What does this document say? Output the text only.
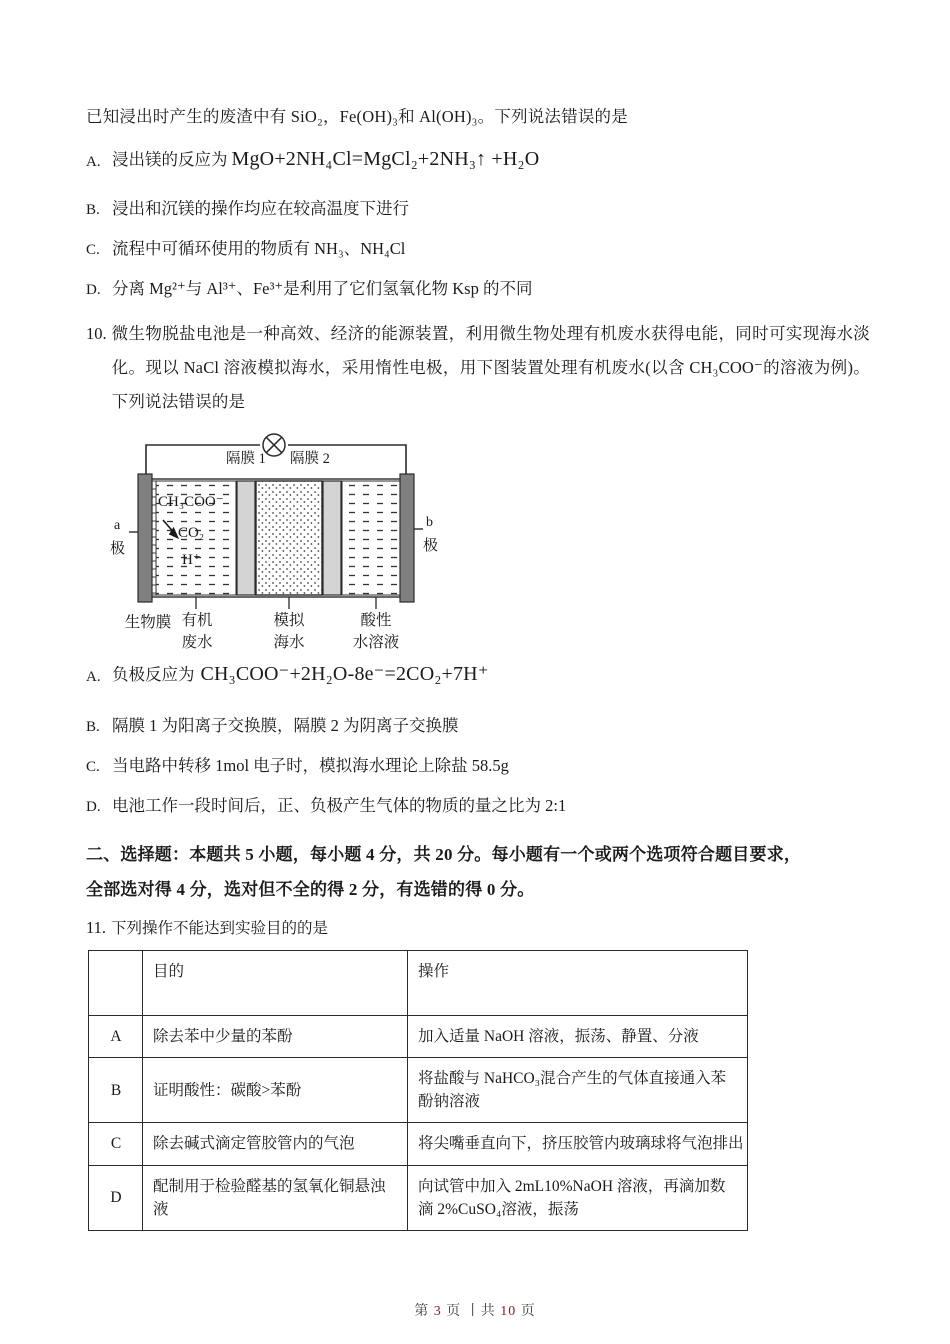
已知浸出时产生的废渣中有 SiO₂，Fe(OH)₃和 Al(OH)₃。下列说法错误的是
A. 浸出镁的反应为 MgO+2NH₄Cl=MgCl₂+2NH₃↑ +H₂O
B. 浸出和沉镁的操作均应在较高温度下进行
C. 流程中可循环使用的物质有 NH₃、NH₄Cl
D. 分离 Mg²⁺与 Al³⁺、Fe³⁺是利用了它们氢氧化物 Ksp 的不同
10. 微生物脱盐电池是一种高效、经济的能源装置，利用微生物处理有机废水获得电能，同时可实现海水淡化。现以 NaCl 溶液模拟海水，采用惰性电极，用下图装置处理有机废水(以含 CH₃COO⁻的溶液为例)。下列说法错误的是
隔膜 1 隔膜 2
a
极
b
极
CH₃COO⁻
CO₂
H⁺
生物膜 有机
废水
模拟
海水
酸性
水溶液
A. 负极反应为 CH₃COO⁻+2H₂O-8e⁻=2CO₂+7H⁺
B. 隔膜 1 为阳离子交换膜，隔膜 2 为阴离子交换膜
C. 当电路中转移 1mol 电子时，模拟海水理论上除盐 58.5g
D. 电池工作一段时间后，正、负极产生气体的物质的量之比为 2:1
二、选择题：本题共 5 小题，每小题 4 分，共 20 分。每小题有一个或两个选项符合题目要求，
全部选对得 4 分，选对但不全的得 2 分，有选错的得 0 分。
11. 下列操作不能达到实验目的的是
	目的	操作
A	除去苯中少量的苯酚	加入适量 NaOH 溶液，振荡、静置、分液
B	证明酸性：碳酸>苯酚	将盐酸与 NaHCO₃混合产生的气体直接通入苯酚钠溶液
C	除去碱式滴定管胶管内的气泡	将尖嘴垂直向下，挤压胶管内玻璃球将气泡排出
D	配制用于检验醛基的氢氧化铜悬浊液	向试管中加入 2mL10%NaOH 溶液，再滴加数滴 2%CuSO₄溶液，振荡
第 3 页 丨共 10 页
